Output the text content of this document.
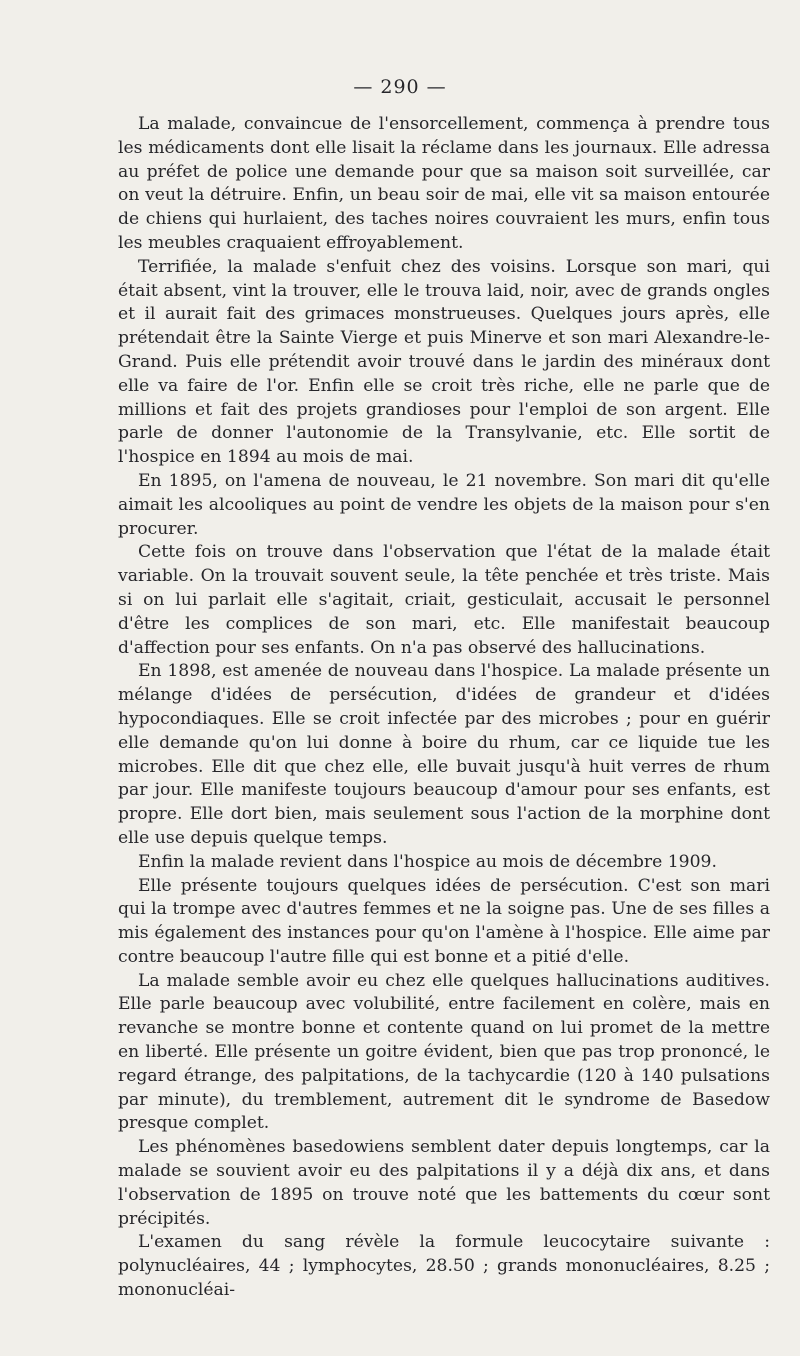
— 290 —

La malade, convaincue de l'ensorcellement, commença à prendre tous les médicaments dont elle lisait la réclame dans les journaux. Elle adressa au préfet de police une demande pour que sa maison soit surveillée, car on veut la détruire. Enfin, un beau soir de mai, elle vit sa maison entourée de chiens qui hurlaient, des taches noires couvraient les murs, enfin tous les meubles craquaient effroyablement.

Terrifiée, la malade s'enfuit chez des voisins. Lorsque son mari, qui était absent, vint la trouver, elle le trouva laid, noir, avec de grands ongles et il aurait fait des grimaces monstrueuses. Quelques jours après, elle prétendait être la Sainte Vierge et puis Minerve et son mari Alexandre-le-Grand. Puis elle prétendit avoir trouvé dans le jardin des minéraux dont elle va faire de l'or. Enfin elle se croit très riche, elle ne parle que de millions et fait des projets grandioses pour l'emploi de son argent. Elle parle de donner l'autonomie de la Transylvanie, etc. Elle sortit de l'hospice en 1894 au mois de mai.

En 1895, on l'amena de nouveau, le 21 novembre. Son mari dit qu'elle aimait les alcooliques au point de vendre les objets de la maison pour s'en procurer.

Cette fois on trouve dans l'observation que l'état de la malade était variable. On la trouvait souvent seule, la tête penchée et très triste. Mais si on lui parlait elle s'agitait, criait, gesticulait, accusait le personnel d'être les complices de son mari, etc. Elle manifestait beaucoup d'affection pour ses enfants. On n'a pas observé des hallucinations.

En 1898, est amenée de nouveau dans l'hospice. La malade présente un mélange d'idées de persécution, d'idées de grandeur et d'idées hypocondiaques. Elle se croit infectée par des microbes ; pour en guérir elle demande qu'on lui donne à boire du rhum, car ce liquide tue les microbes. Elle dit que chez elle, elle buvait jusqu'à huit verres de rhum par jour. Elle manifeste toujours beaucoup d'amour pour ses enfants, est propre. Elle dort bien, mais seulement sous l'action de la morphine dont elle use depuis quelque temps.

Enfin la malade revient dans l'hospice au mois de décembre 1909.

Elle présente toujours quelques idées de persécution. C'est son mari qui la trompe avec d'autres femmes et ne la soigne pas. Une de ses filles a mis également des instances pour qu'on l'amène à l'hospice. Elle aime par contre beaucoup l'autre fille qui est bonne et a pitié d'elle.

La malade semble avoir eu chez elle quelques hallucinations auditives. Elle parle beaucoup avec volubilité, entre facilement en colère, mais en revanche se montre bonne et contente quand on lui promet de la mettre en liberté. Elle présente un goitre évident, bien que pas trop prononcé, le regard étrange, des palpitations, de la tachycardie (120 à 140 pulsations par minute), du tremblement, autrement dit le syndrome de Basedow presque complet.

Les phénomènes basedowiens semblent dater depuis longtemps, car la malade se souvient avoir eu des palpitations il y a déjà dix ans, et dans l'observation de 1895 on trouve noté que les battements du cœur sont précipités.

L'examen du sang révèle la formule leucocytaire suivante : polynucléaires, 44 ; lymphocytes, 28.50 ; grands mononucléaires, 8.25 ; mononucléai-
